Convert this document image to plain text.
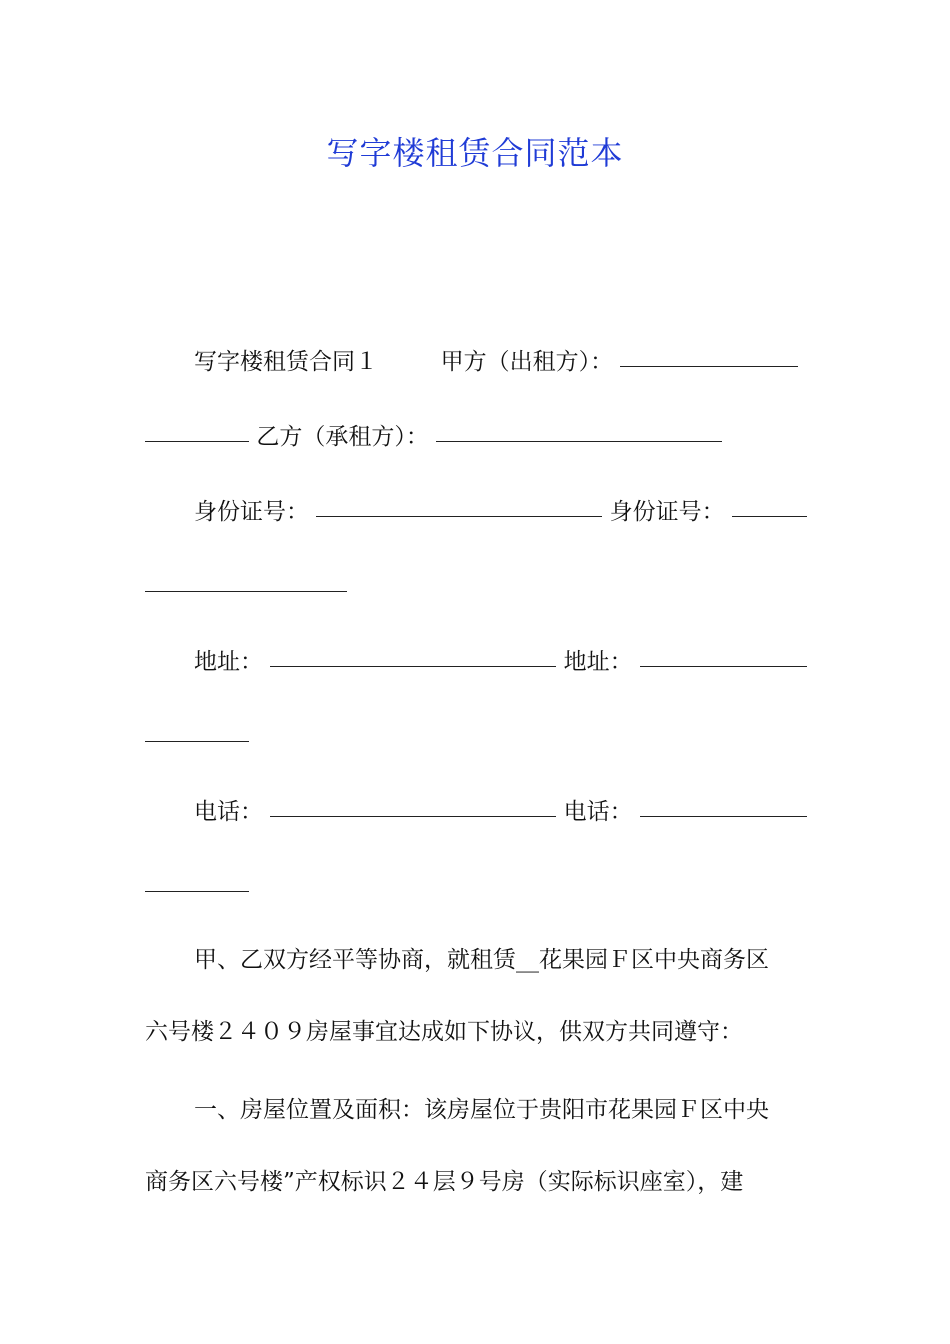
写字楼租赁合同范本
写字楼租赁合同１	甲方（出租方）：
乙方（承租方）：
身份证号：	身份证号：
地址：	地址：
电话：	电话：
甲、乙双方经平等协商，就租赁__花果园Ｆ区中央商务区
六号楼２４０９房屋事宜达成如下协议，供双方共同遵守：
一、房屋位置及面积：该房屋位于贵阳市花果园Ｆ区中央
商务区六号楼”产权标识２４层９号房（实际标识座室），建
